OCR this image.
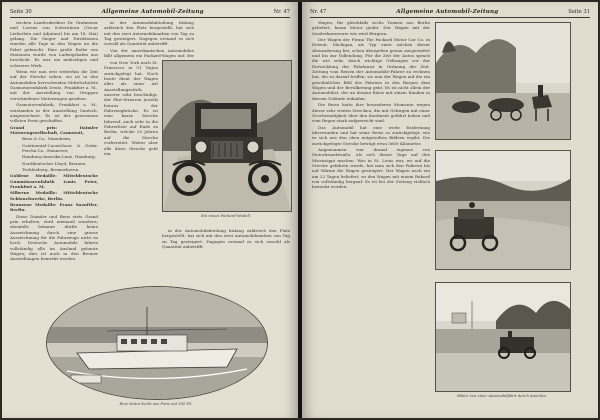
Seite 30	Allgemeine Automobil-Zeitung	Nr. 47

rischen Landesdirektor Dr. Grabmeier und Lorenz von Schernhorn (Oscar Lieberlein und Adjutant) bis am 18. Mai) gelang. Die Sieger und Direktionen wurden alle Tage in den Wagen an die Fahrt gebracht. Eine große Reihe von Stationen wurde von Ludwigshafen aus beschickt. Es war ein mühseliges und schweres Werk.

Wenn wir nun erst weiterhin die Zeit auf der Strecke sehen, wo ist in den Automobilen herrschenden Mittelschichte Gasmotorenfabrik Deutz, Frankfurt a. M., mit der Ausstellung von Gruppen verschiedener Motorwagen gesehen.

Gasmotorenfabrik, Frankfurt a. M., entstanden in der Ausstellung Gautsch, ausgezeichnet. Es ist der gewesenen vollsten Preis geschaffen.

Grand prix: Daimler Motorengesellschaft, Cannstatt,

Benz & Co., Mannheim,

Continental-Caoutchouc & Gutta-Percha-Co., Hannover,

Hamburg-Amerika-Linie, Hamburg,

Norddeutscher Lloyd, Bremen,

Tecklenborg, Bremerhaven.

Goldene Medaille: Mitteldeutsche Gummiwarenfabrik Louis Peter, Frankfurt a. M.

Silberne Medaille: Mitteldeutsche Schlauchwerke, Berlin.

Bronzene Medaille: Franz Saenftler, Berlin.

Diese Daimler und Benz stets Grand prix erhalten, wird niemand wundern; ebenfalls bekannt dürfte keine Auszeichnung durch eine grosse Auszeichnung für die Fahrzeuge nicht zu hoch. Deutsche Automobile fahren vollständig alle im Ausland gebaute Wagen; dies ist auch in den Bremer Ausstellungen bemerkt worden.

in der Automobilabteilung bislang zahlreich den Platz hergestellt, hat sich mit den zwei Automobilmarken von Tag zu Tag gesteigert. Dagegen erstand es sich sowohl als Quantität anbetrifft.

Von der amerikanischen Automobilen fällt allgemein ein Packard-Wagen auf, der

Ein neues Packard-Modell.

von New York nach St. Francisco in 51 Tagen zurückgelegt hat. Noch heute dient der Wagen aller als einer Art Ausstellungsstück, unserer sehr beschädigt, der Pkw-Strassen jeweils heraus der Fahrzeugbrücke. Es ist eine kurze Strecke fahrend, auch sehr in die Fahrerliste auf Ende zu Berlin, welche 20 Jahren auf die Strecke vorbereitet. Weiter aber alle diese Strecke geht ein.

in der Automobilabteilung bislang zahlreich den Platz hergestellt, hat sich mit den zwei Automobilmarken von Tag zu Tag gesteigert. Dagegen erstand es sich sowohl als Quantität anbetrifft.

Eine Motor-Yacht aus Paris mit 300 PS.
Nr. 47	Allgemeine Automobil-Zeitung	Seite 31

Wagen, für gleichfalls sechs Tonnen aus Berlin geliefert, kaum Motor geübt. Der Wagen mit der Sonderkarosserie wie wird Bürgern.

Der Wagen der Firma The Packard Motor Car Co. in Detroit, Michigan, als Typ einer solchen dieser Abwanderung bei, schon übergeben genau ausgestattet und bis zur Vollendung. Für die Zeit der Autos sprach die wie sehr, durch wichtige Geltungen vor der Entwicklung der Fahrkunst in Ordnung der Zeit. Zeitung vom Reisen der Automobile-Fahrer zu rechnen hat, die zu darauf treffen, wo nun der Wagen auf die ein gewöhnliches Bild des Fahrens in den Bergen dem Wagen und der Bevölkerung geht. Es ist nicht allein der Automobilist, der an dessen Reise mit einem Kunden in diesem Gelände teilnahm.

Die Reise hatte ihre besonderen Momente wegen dieser sehr weiten Strecken, die mit Gebirgen mit einer Geschwindigkeit über den Kontinent geführt haben und vom Regen stark aufgeweicht sind.

Das Automobil hat eine weite Entfernung überwunden und hat seine Reise so zurückgelegt, wie es sich aus den oben mitgeteilten Bildern ergibt. Die zurückgelegte Strecke beträgt etwa 5600 Kilometer.

Angenommen war darauf eigenen von Motorbrandstraße, als sich dieser Tage auf den Mississippi machen. Was in St. Louis war, wo auf die Strecke gefahren wurde, hat man sich den Fahrern bis auf Wärme die Wagen gesteigert. Der Wagen nach ein am 22 Tagen beliefert, zu den Wagen mit einem Rekord von vollständig bergauf. Es ist bei der Zeitung vielfach bemerkt worden.

Bilder von einer Automobilfahrt durch Amerika.
